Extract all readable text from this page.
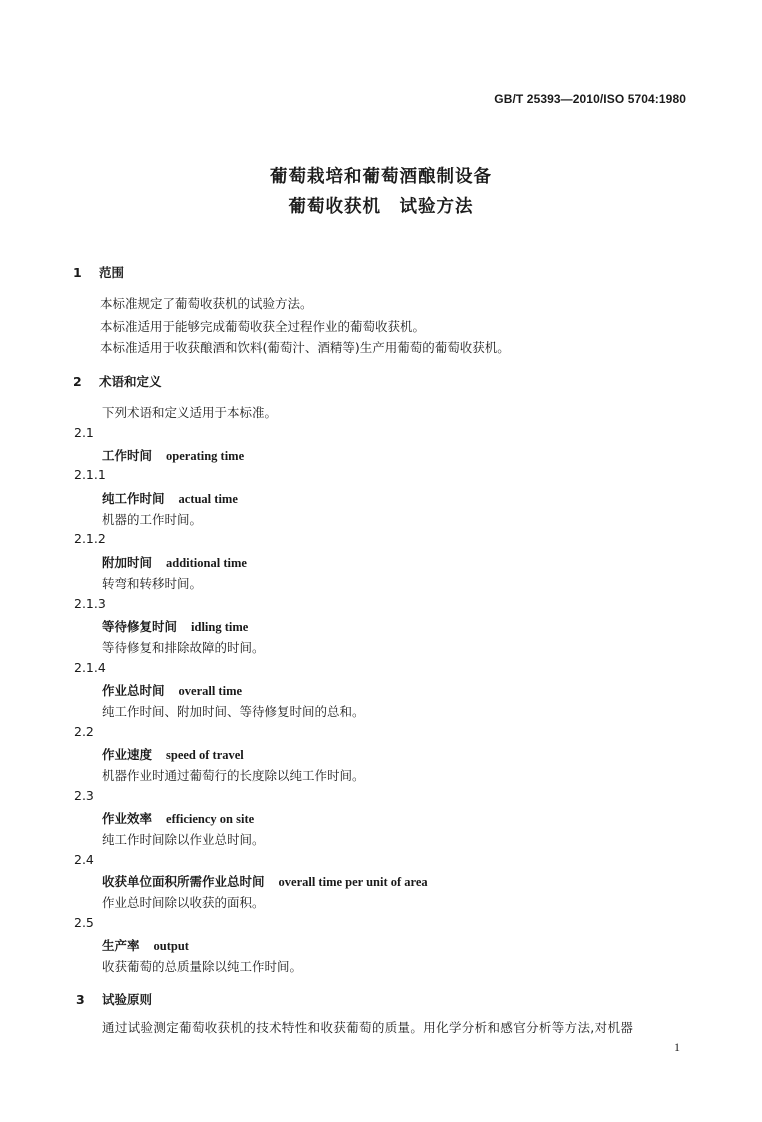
GB/T 25393—2010/ISO 5704:1980
葡萄栽培和葡萄酒酿制设备
葡萄收获机　试验方法
1 范围
本标准规定了葡萄收获机的试验方法。
本标准适用于能够完成葡萄收获全过程作业的葡萄收获机。
本标准适用于收获酿酒和饮料(葡萄汁、酒精等)生产用葡萄的葡萄收获机。
2 术语和定义
下列术语和定义适用于本标准。
2.1
工作时间 operating time
2.1.1
纯工作时间 actual time
机器的工作时间。
2.1.2
附加时间 additional time
转弯和转移时间。
2.1.3
等待修复时间 idling time
等待修复和排除故障的时间。
2.1.4
作业总时间 overall time
纯工作时间、附加时间、等待修复时间的总和。
2.2
作业速度 speed of travel
机器作业时通过葡萄行的长度除以纯工作时间。
2.3
作业效率 efficiency on site
纯工作时间除以作业总时间。
2.4
收获单位面积所需作业总时间 overall time per unit of area
作业总时间除以收获的面积。
2.5
生产率 output
收获葡萄的总质量除以纯工作时间。
3 试验原则
通过试验测定葡萄收获机的技术特性和收获葡萄的质量。用化学分析和感官分析等方法,对机器
1
